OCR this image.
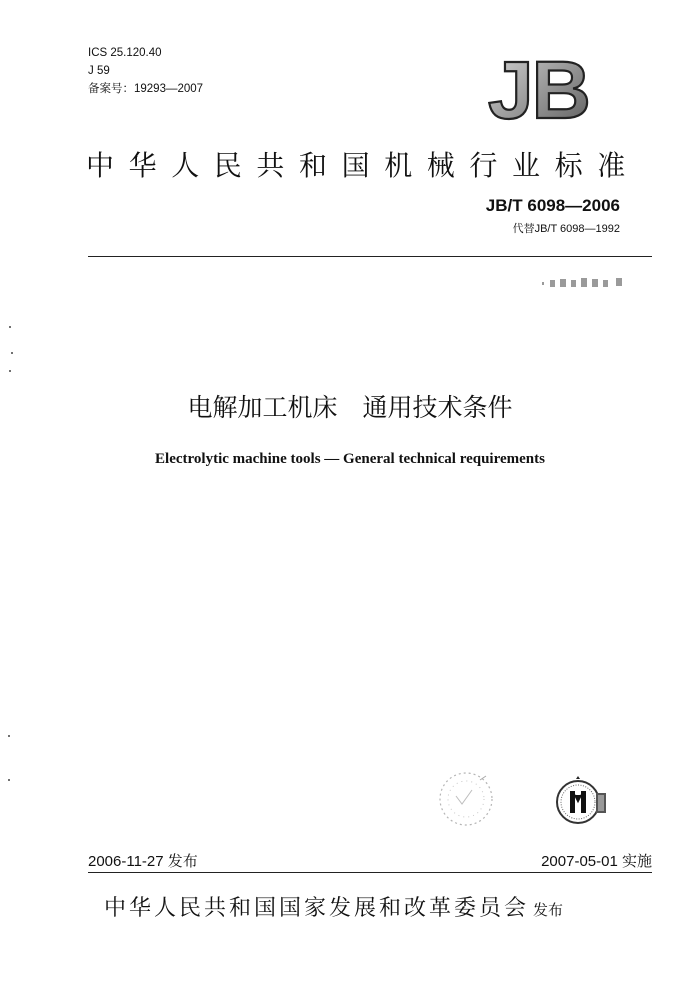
ICS 25.120.40
J 59
备案号：19293—2007	JB
中华人民共和国机械行业标准
JB/T 6098—2006
代替JB/T 6098—1992
电解加工机床　通用技术条件
Electrolytic machine tools — General technical requirements
2006-11-27 发布	2007-05-01 实施
中华人民共和国国家发展和改革委员会 发布
